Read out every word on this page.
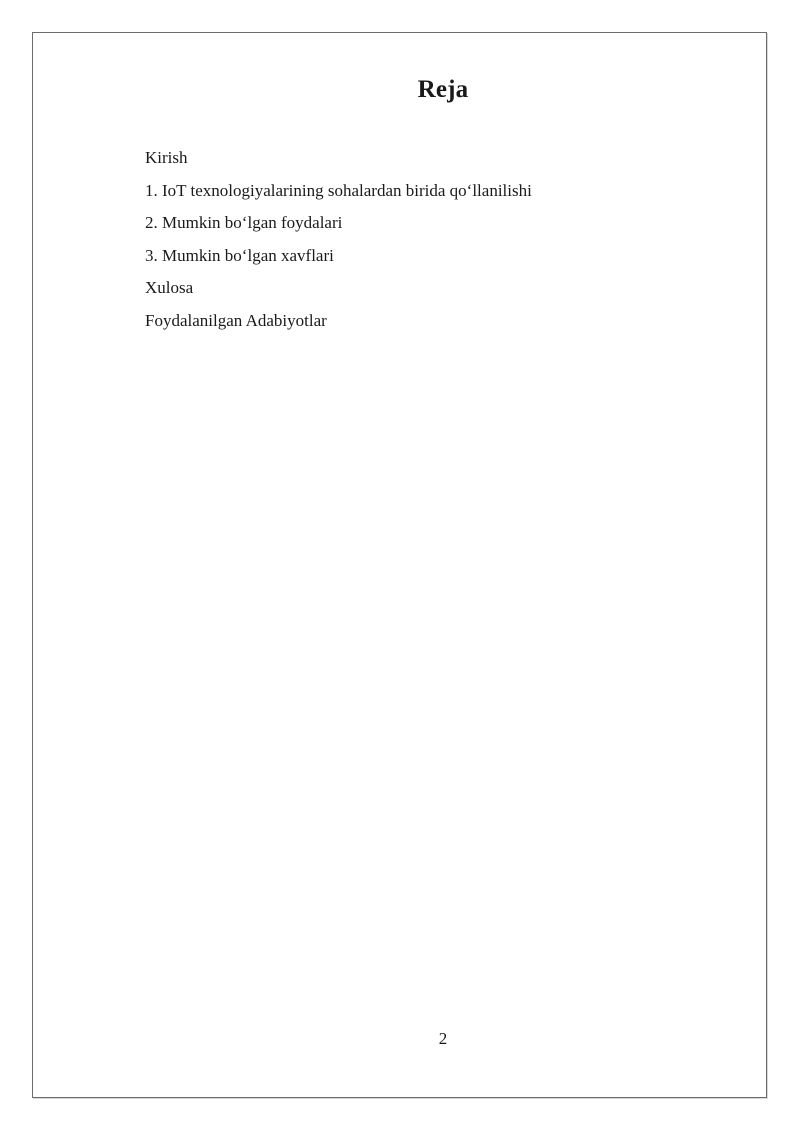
Reja
Kirish
1. IoT texnologiyalarining sohalardan birida qo‘llanilishi
2. Mumkin bo‘lgan foydalari
3. Mumkin bo‘lgan xavflari
Xulosa
Foydalanilgan Adabiyotlar
2
